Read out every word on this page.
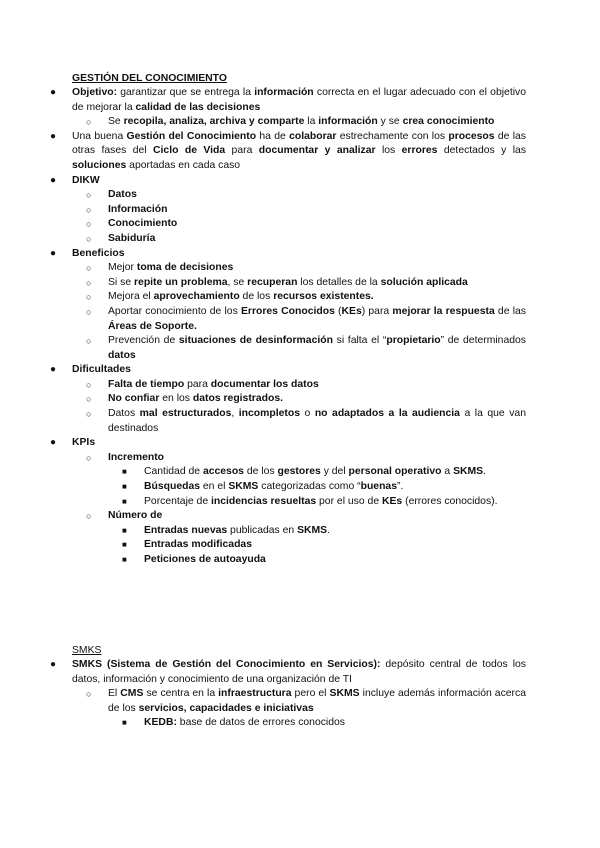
GESTIÓN DEL CONOCIMIENTO
● Objetivo: garantizar que se entrega la información correcta en el lugar adecuado con el objetivo de mejorar la calidad de las decisiones
○ Se recopila, analiza, archiva y comparte la información y se crea conocimiento
● Una buena Gestión del Conocimiento ha de colaborar estrechamente con los procesos de las otras fases del Ciclo de Vida para documentar y analizar los errores detectados y las soluciones aportadas en cada caso
● DIKW
○ Datos
○ Información
○ Conocimiento
○ Sabiduría
● Beneficios
○ Mejor toma de decisiones
○ Si se repite un problema, se recuperan los detalles de la solución aplicada
○ Mejora el aprovechamiento de los recursos existentes.
○ Aportar conocimiento de los Errores Conocidos (KEs) para mejorar la respuesta de las Áreas de Soporte.
○ Prevención de situaciones de desinformación si falta el “propietario” de determinados datos
● Dificultades
○ Falta de tiempo para documentar los datos
○ No confiar en los datos registrados.
○ Datos mal estructurados, incompletos o no adaptados a la audiencia a la que van destinados
● KPIs
○ Incremento
■ Cantidad de accesos de los gestores y del personal operativo a SKMS.
■ Búsquedas en el SKMS categorizadas como “buenas”.
■ Porcentaje de incidencias resueltas por el uso de KEs (errores conocidos).
○ Número de
■ Entradas nuevas publicadas en SKMS.
■ Entradas modificadas
■ Peticiones de autoayuda
SMKS
● SMKS (Sistema de Gestión del Conocimiento en Servicios): depósito central de todos los datos, información y conocimiento de una organización de TI
○ El CMS se centra en la infraestructura pero el SKMS incluye además información acerca de los servicios, capacidades e iniciativas
■ KEDB: base de datos de errores conocidos
